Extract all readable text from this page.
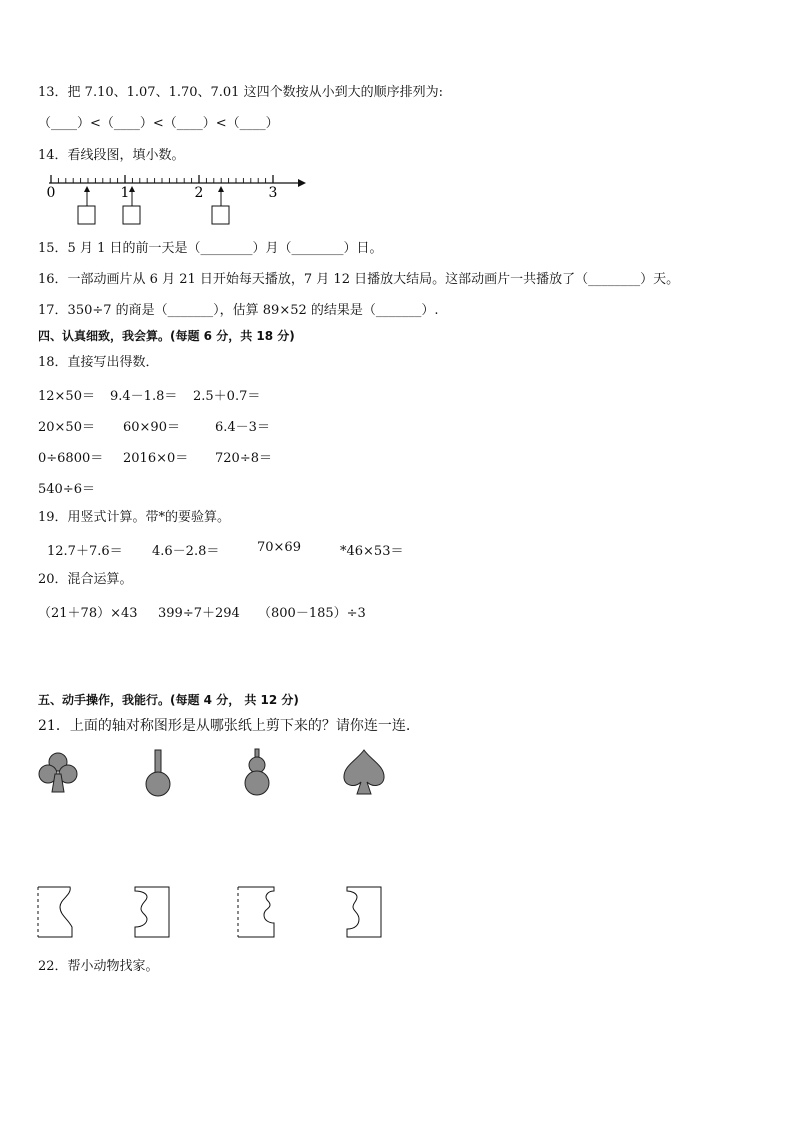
13．把 7.10、1.07、1.70、7.01 这四个数按从小到大的顺序排列为:
（____）<（____）<（____）<（____）
14．看线段图，填小数。
0	1	2	3
15．5 月 1 日的前一天是（________）月（________）日。
16．一部动画片从 6 月 21 日开始每天播放，7 月 12 日播放大结局。这部动画片一共播放了（________）天。
17．350÷7 的商是（_______），估算 89×52 的结果是（_______）.
四、认真细致，我会算。(每题 6 分，共 18 分)
18．直接写出得数．
12×50＝ 9.4－1.8＝ 2.5＋0.7＝
20×50＝ 60×90＝	6.4－3＝
0÷6800＝ 2016×0＝ 720÷8＝
540÷6＝
19．用竖式计算。带*的要验算。
12.7＋7.6＝ 4.6－2.8＝	70×69	*46×53＝
20．混合运算。
（21＋78）×43 399÷7＋294 （800－185）÷3
五、动手操作，我能行。(每题 4 分， 共 12 分)
21．上面的轴对称图形是从哪张纸上剪下来的？请你连一连.
22．帮小动物找家。
